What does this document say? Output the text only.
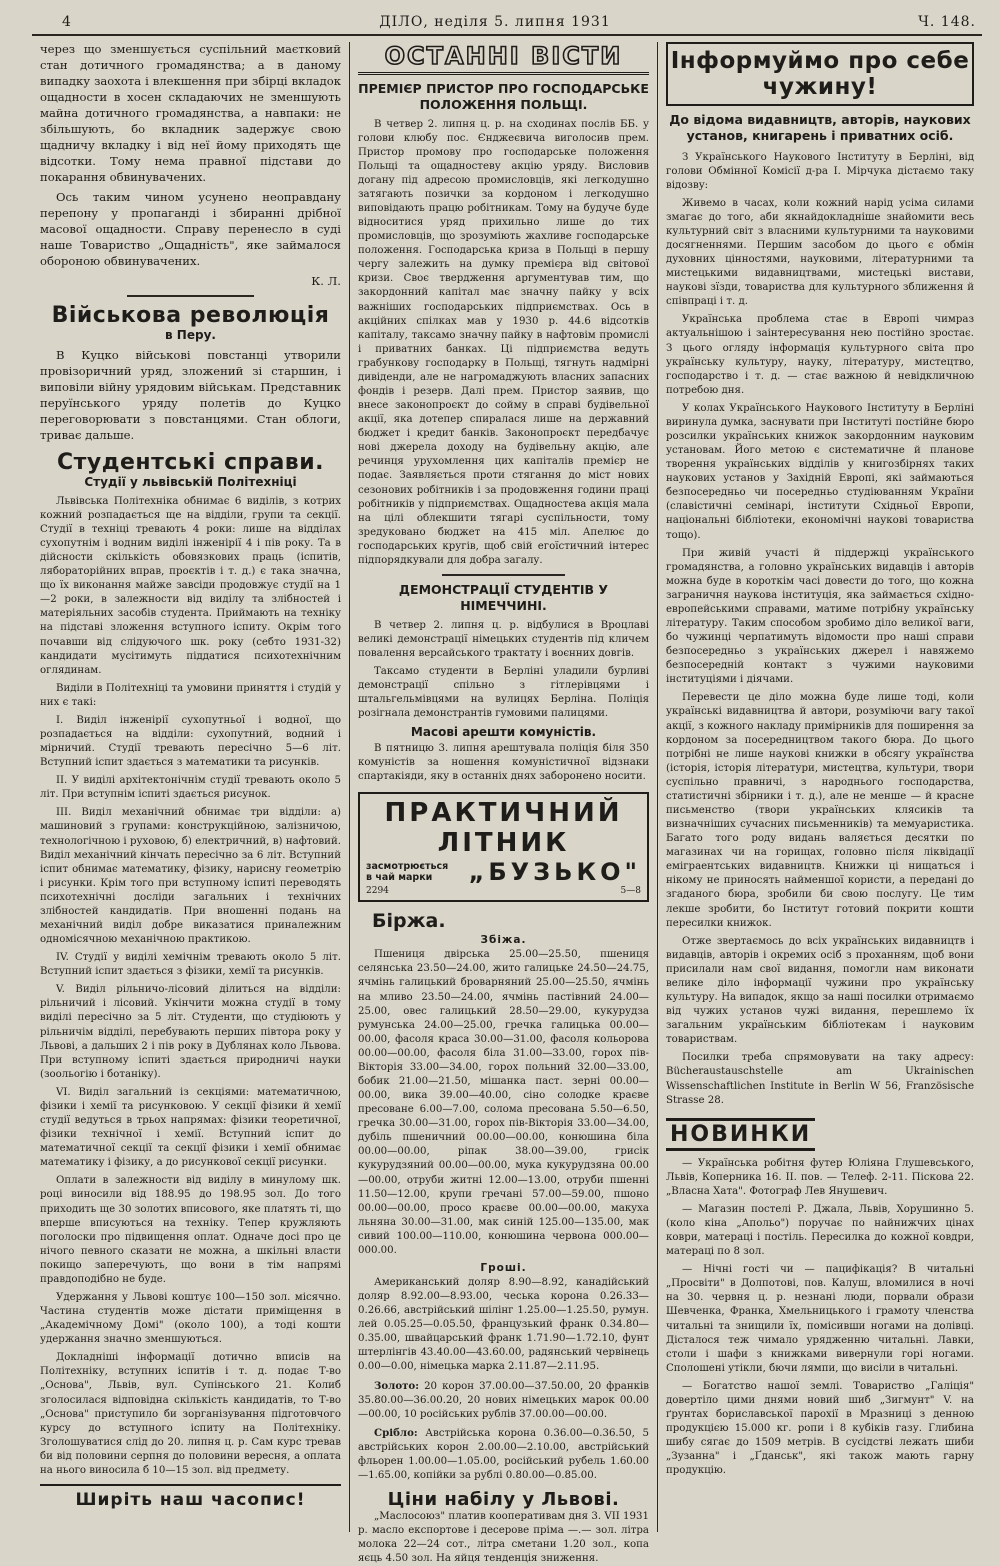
4	ДІЛО, неділя 5. липня 1931	Ч. 148.

через що зменшується суспільний маєтковий стан дотичного громадянства; а в даному випадку заохота і влекшення при збірці вкладок ощадности в хосен складаючих не зменшують майна дотичного громадянства, а навпаки: не збільшують, бо вкладник задержує свою щадничу вкладку і від неї йому приходять ще відсотки. Тому нема правної підстави до покарання обвинувачених.

Ось таким чином усунено неоправдану перепону у пропаганді і збиранні дрібної масової ощадности. Справу перенесло в суді наше Товариство „Ощадність", яке займалося обороною обвинувачених.

К. Л.
Військова революція
в Перу.

В Куцко військові повстанці утворили провізоричний уряд, зложений зі старшин, і виповіли війну урядовим військам. Представник перуїнського уряду полетів до Куцко переговорювати з повстанцями. Стан облоги, триває дальше.

Студентські справи.
Студії у львівській Політехніці

Львівська Політехніка обнимає 6 виділів, з котрих кожний розпадається ще на відділи, групи та секції. Студії в техніці тревають 4 роки: лише на відділах сухопутнім і водним виділі інженірії 4 і пів року. Та в дійсности скількість обовязкових праць (іспитів, лябораторійних вправ, проєктів і т. д.) є така значна, що їх виконання майже завсіди продовжує студії на 1—2 роки, в залежности від виділу та злібностей і матеріяльних засобів студента. Приймають на техніку на підставі зложення вступного іспиту. Окрім того почавши від слідуючого шк. року (себто 1931-32) кандидати мусітимуть піддатися психотехнічним оглядинам.

Виділи в Політехніці та умовини приняття і студій у них є такі:

I. Виділ інженірії сухопутньої і водної, що розпадається на відділи: сухопутний, водний і мірничий. Студії тревають пересічно 5—6 літ. Вступний іспит здається з математики та рисунків.

II. У виділі архітектонічнім студії тревають около 5 літ. При вступнім іспиті здається рисунок.

III. Виділ механічний обнимає три відділи: а) машиновий з групами: конструкційною, залізничою, технологічною і руховою, б) електричний, в) нафтовий. Виділ механічний кінчать пересічно за 6 літ. Вступний іспит обнимає математику, фізику, нарисну геометрію і рисунки. Крім того при вступному іспиті переводять психотехнічні досліди загальних і технічних злібностей кандидатів. При вношенні подань на механічний виділ добре виказатися приналежним одномісячною механічною практикою.

IV. Студії у виділі хемічнім тревають около 5 літ. Вступний іспит здається з фізики, хемії та рисунків.

V. Виділ рільничо-лісовий ділиться на відділи: рільничий і лісовий. Укінчити можна студії в тому виділі пересічно за 5 літ. Студенти, що студіюють у рільничім відділі, перебувають перших півтора року у Львові, а дальших 2 і пів року в Дублянах коло Львова. При вступному іспиті здається природничі науки (зоольогію і ботаніку).

VI. Виділ загальний із секціями: математичною, фізики і хемії та рисунковою. У секції фізики й хемії студії ведуться в трьох напрямах: фізики теоретичної, фізики технічної і хемії. Вступний іспит до математичної секції та секції фізики і хемії обнимає математику і фізику, а до рисункової секції рисунки.

Оплати в залежности від виділу в минулому шк. році виносили від 188.95 до 198.95 зол. До того приходить ще 30 золотих вписового, яке платять ті, що вперше вписуються на техніку. Тепер кружляють поголоски про підвищення оплат. Одначе досі про це нічого певного сказати не можна, а шкільні власти покищо заперечують, що вони в тім напрямі правдоподібно не буде.

Удержання у Львові коштує 100—150 зол. місячно. Частина студентів може дістати приміщення в „Академічному Домі" (около 100), а тоді кошти удержання значно зменшуються.

Докладніші інформації дотично вписів на Політехніку, вступних іспитів і т. д. подає Т-во „Основа", Львів, вул. Супінського 21. Колиб зголосилася відповідна скількість кандидатів, то Т-во „Основа" приступило би зорганізування підготовчого курсу до вступного іспиту на Політехніку. Зголошуватися слід до 20. липня ц. р. Сам курс тревав би від половини серпня до половини вересня, а оплата на нього виносила б 10—15 зол. від предмету.

Ширіть наш часопис!
ОСТАННІ ВІСТИ
ПРЕМІЄР ПРИСТОР ПРО ГОСПОДАРСЬКЕ ПОЛОЖЕННЯ ПОЛЬЩІ.

В четвер 2. липня ц. р. на сходинах послів ББ. у голови клюбу пос. Єнджеєвича виголосив прем. Пристор промову про господарське положення Польщі та ощадностеву акцію уряду. Висловив догану під адресою промисловців, які легкодушно затягають позички за кордоном і легкодушно виповідають працю робітникам. Тому на будуче буде відноситися уряд прихильно лише до тих промисловців, що зрозуміють жахливе господарське положення. Господарська криза в Польщі в першу чергу залежить на думку премієра від світової кризи. Своє твердження аргументував тим, що закордонний капітал має значну пайку у всіх важніших господарських підприємствах. Ось в акційних спілках мав у 1930 р. 44.6 відсотків капіталу, таксамо значну пайку в нафтовім промислі і приватних банках. Ці підприємства ведуть грабункову господарку в Польщі, тягнуть надмірні дивіденди, але не нагромаджують власних запасних фондів і резерв. Далі прем. Пристор заявив, що внесе законопроєкт до сойму в справі будівельної акції, яка дотепер спиралася лише на державний бюджет і кредит банків. Законопроєкт передбачує нові джерела доходу на будівельну акцію, але речинця урухомлення цих капіталів премієр не подає. Заявляється проти стягання до міст нових сезонових робітників і за продовження години праці робітників у підприємствах. Ощадностева акція мала на цілі облекшити тягарі суспільности, тому зредуковано бюджет на 415 міл. Апелює до господарських кругів, щоб свій егоїстичний інтерес підпорядкували для добра загалу.

ДЕМОНСТРАЦІЇ СТУДЕНТІВ У НІМЕЧЧИНІ.

В четвер 2. липня ц. р. відбулися в Вроцлаві великі демонстрації німецьких студентів під кличем повалення версайського трактату і воєнних довгів.

Таксамо студенти в Берліні уладили бурливі демонстрації спільно з гітлерівцями і штальгельмівцями на вулицях Берліна. Поліція розігнала демонстрантів гумовими палицями.

Масові арешти комуністів.

В пятницю 3. липня арештувала поліція біля 350 комуністів за ношення комуністичної відзнаки спартакіяди, яку в останніх днях заборонено носити.

ПРАКТИЧНИЙ ЛІТНИК
засмотрюється
в чай марки	„БУЗЬКО"
2294	5—8
Біржа.
Збіжа.

Пшениця двірська 25.00—25.50, пшениця селянська 23.50—24.00, жито галицьке 24.50—24.75, ячмінь галицький броварняний 25.00—25.50, ячмінь на мливо 23.50—24.00, ячмінь пастівний 24.00—25.00, овес галицький 28.50—29.00, кукурудза румунська 24.00—25.00, гречка галицька 00.00—00.00, фасоля краса 30.00—31.00, фасоля кольорова 00.00—00.00, фасоля біла 31.00—33.00, горох пів-Вікторія 33.00—34.00, горох польний 32.00—33.00, бобик 21.00—21.50, мішанка паст. зерні 00.00—00.00, вика 39.00—40.00, сіно солодке краєве пресоване 6.00—7.00, солома пресована 5.50—6.50, гречка 30.00—31.00, горох пів-Вікторія 33.00—34.00, дубіль пшеничний 00.00—00.00, конюшина біла 00.00—00.00, ріпак 38.00—39.00, грисік кукурудзяний 00.00—00.00, мука кукурудзяна 00.00—00.00, отруби житні 12.00—13.00, отруби пшенні 11.50—12.00, крупи гречані 57.00—59.00, пшоно 00.00—00.00, просо краєве 00.00—00.00, макуха льняна 30.00—31.00, мак синій 125.00—135.00, мак сивий 100.00—110.00, конюшина червона 000.00—000.00.

Гроші.

Американський доляр 8.90—8.92, канадійський доляр 8.92.00—8.93.00, чеська корона 0.26.33—0.26.66, австрійський шілінг 1.25.00—1.25.50, румун. лей 0.05.25—0.05.50, французький франк 0.34.80—0.35.00, швайцарський франк 1.71.90—1.72.10, фунт штерлінгів 43.40.00—43.60.00, радянський червінець 0.00—0.00, німецька марка 2.11.87—2.11.95.

Золото: 20 корон 37.00.00—37.50.00, 20 франків 35.80.00—36.00.20, 20 нових німецьких марок 00.00—00.00, 10 російських рублів 37.00.00—00.00.

Срібло: Австрійська корона 0.36.00—0.36.50, 5 австрійських корон 2.00.00—2.10.00, австрійський фльорен 1.00.00—1.05.00, російський рубель 1.60.00—1.65.00, копійки за рублі 0.80.00—0.85.00.

Ціни набілу у Львові.

„Маслосоюз" платив кооперативам дня 3. VII 1931 р. масло експортове і десерове пріма —.— зол. літра молока 22—24 сот., літра сметани 1.20 зол., копа яєць 4.50 зол. На яйця тенденція зниження.

Інформуймо про себе чужину!
До відома видавництв, авторів, наукових установ, книгарень і приватних осіб.

З Українського Наукового Інституту в Берліні, від голови Обмінної Комісії д-ра І. Мірчука дістаємо таку відозву:

Живемо в часах, коли кожний нарід усіма силами змагає до того, аби якнайдокладніше знайомити весь культурний світ з власними культурними та науковими досягненнями. Першим засобом до цього є обмін духовних цінностями, науковими, літературними та мистецькими видавництвами, мистецькі вистави, наукові зїзди, товариства для культурного зближення й співпраці і т. д.

Українська проблема стає в Европі чимраз актуальнішою і заінтересування нею постійно зростає. З цього огляду інформація культурного світа про українську культуру, науку, літературу, мистецтво, господарство і т. д. — стає важною й невідкличною потребою дня.

У колах Українського Наукового Інституту в Берліні виринула думка, заснувати при Інституті постійне бюро розсилки українських книжок закордонним науковим установам. Його метою є систематичне й планове творення українських відділів у книгозбірнях таких наукових установ у Західній Европі, які займаються безпосередньо чи посередньо студіюванням України (славістичні семінарі, інститути Східньої Европи, національні бібліотеки, економічні наукові товариства тощо).

При живій участі й піддержці українського громадянства, а головно українських видавців і авторів можна буде в короткім часі довести до того, що кожна заграничня наукова інституція, яка займається східно-европейськими справами, матиме потрібну українську літературу. Таким способом зробимо діло великої ваги, бо чужинці черпатимуть відомости про наші справи безпосередньо з українських джерел і навяжемо безпосередній контакт з чужими науковими інституціями і діячами.

Перевести це діло можна буде лише тоді, коли українські видавництва й автори, розуміючи вагу такої акції, з кожного накладу примірників для поширення за кордоном за посередництвом такого бюра. До цього потрібні не лише наукові книжки в обсягу українства (історія, історія літератури, мистецтва, культури, твори суспільно правничі, з народнього господарства, статистичні збірники і т. д.), але не менше — й красне письменство (твори українських клясиків та визначніших сучасних письменників) та мемуаристика. Багато того роду видань валяється десятки по магазинах чи на горищах, головно після ліквідації еміграентських видавництв. Книжки ці нищаться і нікому не приносять найменшої користи, а передані до згаданого бюра, зробили би свою послугу. Це тим лекше зробити, бо Інститут готовий покрити кошти пересилки книжок.

Отже звертаємось до всіх українських видавництв і видавців, авторів і окремих осіб з проханням, щоб вони присилали нам свої видання, помогли нам виконати велике діло інформації чужини про українську культуру. На випадок, якщо за наші посилки отримаємо від чужих установ чужі видання, перешлемо їх загальним українським бібліотекам і науковим товариствам.

Посилки треба спрямовувати на таку адресу: Bücheraustauschstelle am Ukrainischen Wissenschaftlichen Institute in Berlin W 56, Französische Strasse 28.

НОВИНКИ

— Українська робітня футер Юліяна Глушевського, Львів, Коперника 16. II. пов. — Телеф. 2-11. Піскова 22. „Власна Хата". Фотограф Лев Янушевич.

— Магазин постелі Р. Джала, Львів, Хорушинно 5. (коло кіна „Апольо") поручає по найнижчих цінах коври, матераці і постіль. Пересилка до кожної ковдри, матераці по 8 зол.

— Нічні гості чи — пацифікація? В читальні „Просвіти" в Долпотові, пов. Калуш, вломилися в ночі на 30. червня ц. р. незнані люди, порвали образи Шевченка, Франка, Хмельницького і грамоту членства читальні та знищили їх, помісивши ногами на долівці. Дісталося теж чимало урядженню читальні. Лавки, столи і шафи з книжками вивернули горі ногами. Сполошені утікли, бючи лямпи, що висіли в читальні.

— Богатство нашої землі. Товариство „Галіція" довертіло цими днями новий шиб „Зигмунт" V. на ґрунтах бориславської парохії в Мразниці з денною продукцією 15.000 кг. ропи і 8 кубіків газу. Глибина шибу сягає до 1509 метрів. В сусідстві лежать шиби „Зузанна" і „Ґданськ", які також мають гарну продукцію.
